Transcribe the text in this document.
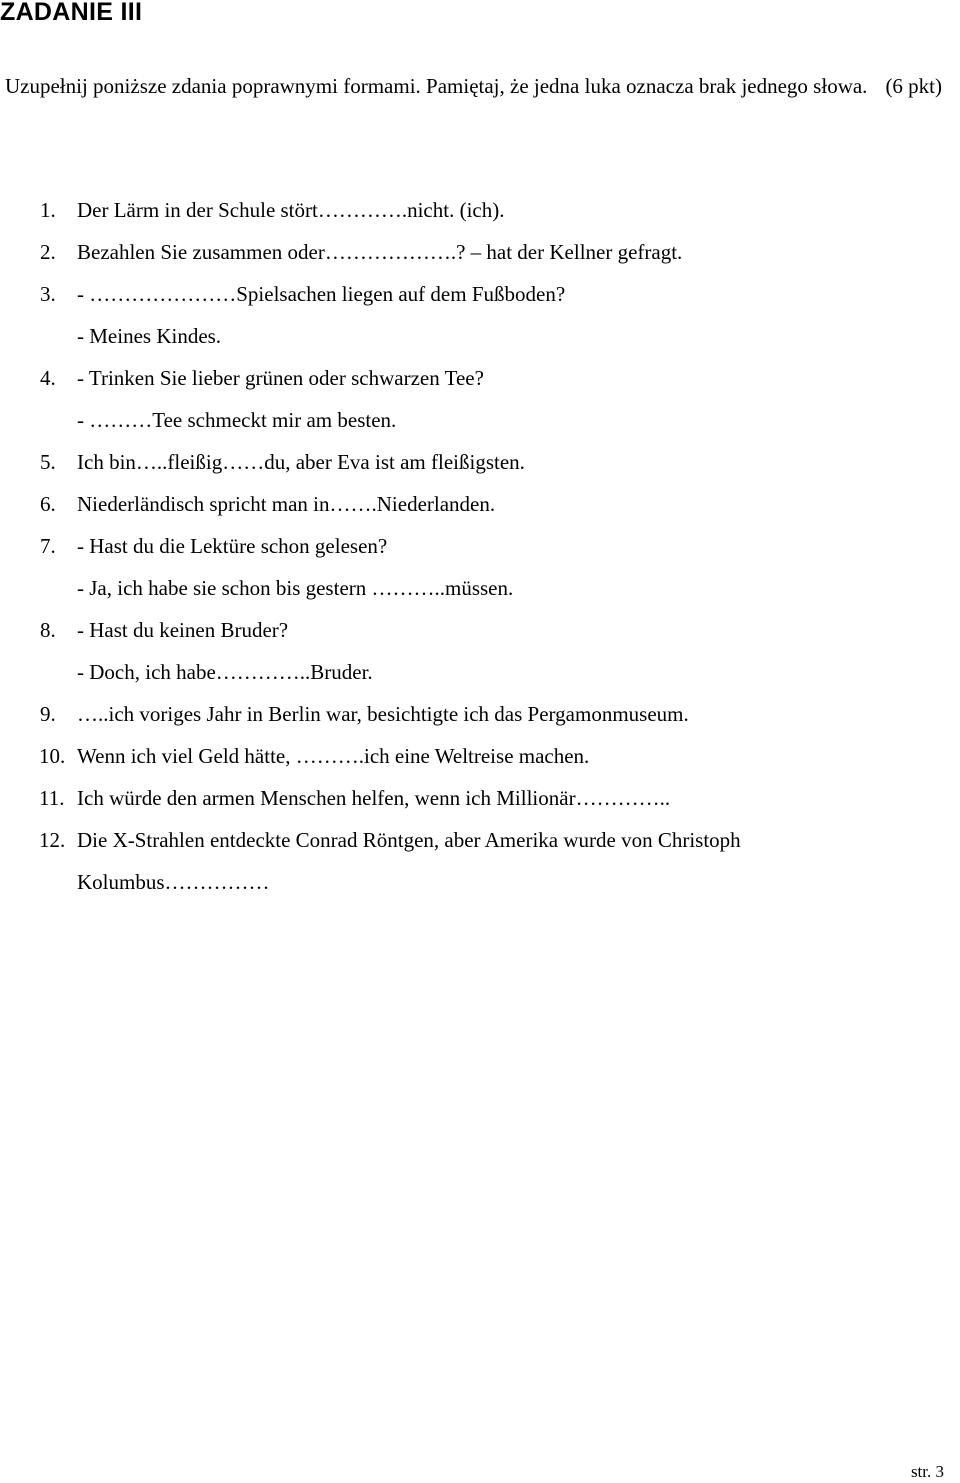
ZADANIE III

Uzupełnij poniższe zdania poprawnymi formami. Pamiętaj, że jedna luka oznacza brak jednego słowa. (6 pkt)

1. Der Lärm in der Schule stört………….nicht. (ich).
2. Bezahlen Sie zusammen oder……………….? – hat der Kellner gefragt.
3. - …………………Spielsachen liegen auf dem Fußboden?
- Meines Kindes.
4. - Trinken Sie lieber grünen oder schwarzen Tee?
- ………Tee schmeckt mir am besten.
5. Ich bin…..fleißig……du, aber Eva ist am fleißigsten.
6. Niederländisch spricht man in…….Niederlanden.
7. - Hast du die Lektüre schon gelesen?
- Ja, ich habe sie schon bis gestern ………..müssen.
8. - Hast du keinen Bruder?
- Doch, ich habe…………..Bruder.
9. …..ich voriges Jahr in Berlin war, besichtigte ich das Pergamonmuseum.
10. Wenn ich viel Geld hätte, ……….ich eine Weltreise machen.
11. Ich würde den armen Menschen helfen, wenn ich Millionär…………..
12. Die X-Strahlen entdeckte Conrad Röntgen, aber Amerika wurde von Christoph Kolumbus……………
str. 3
